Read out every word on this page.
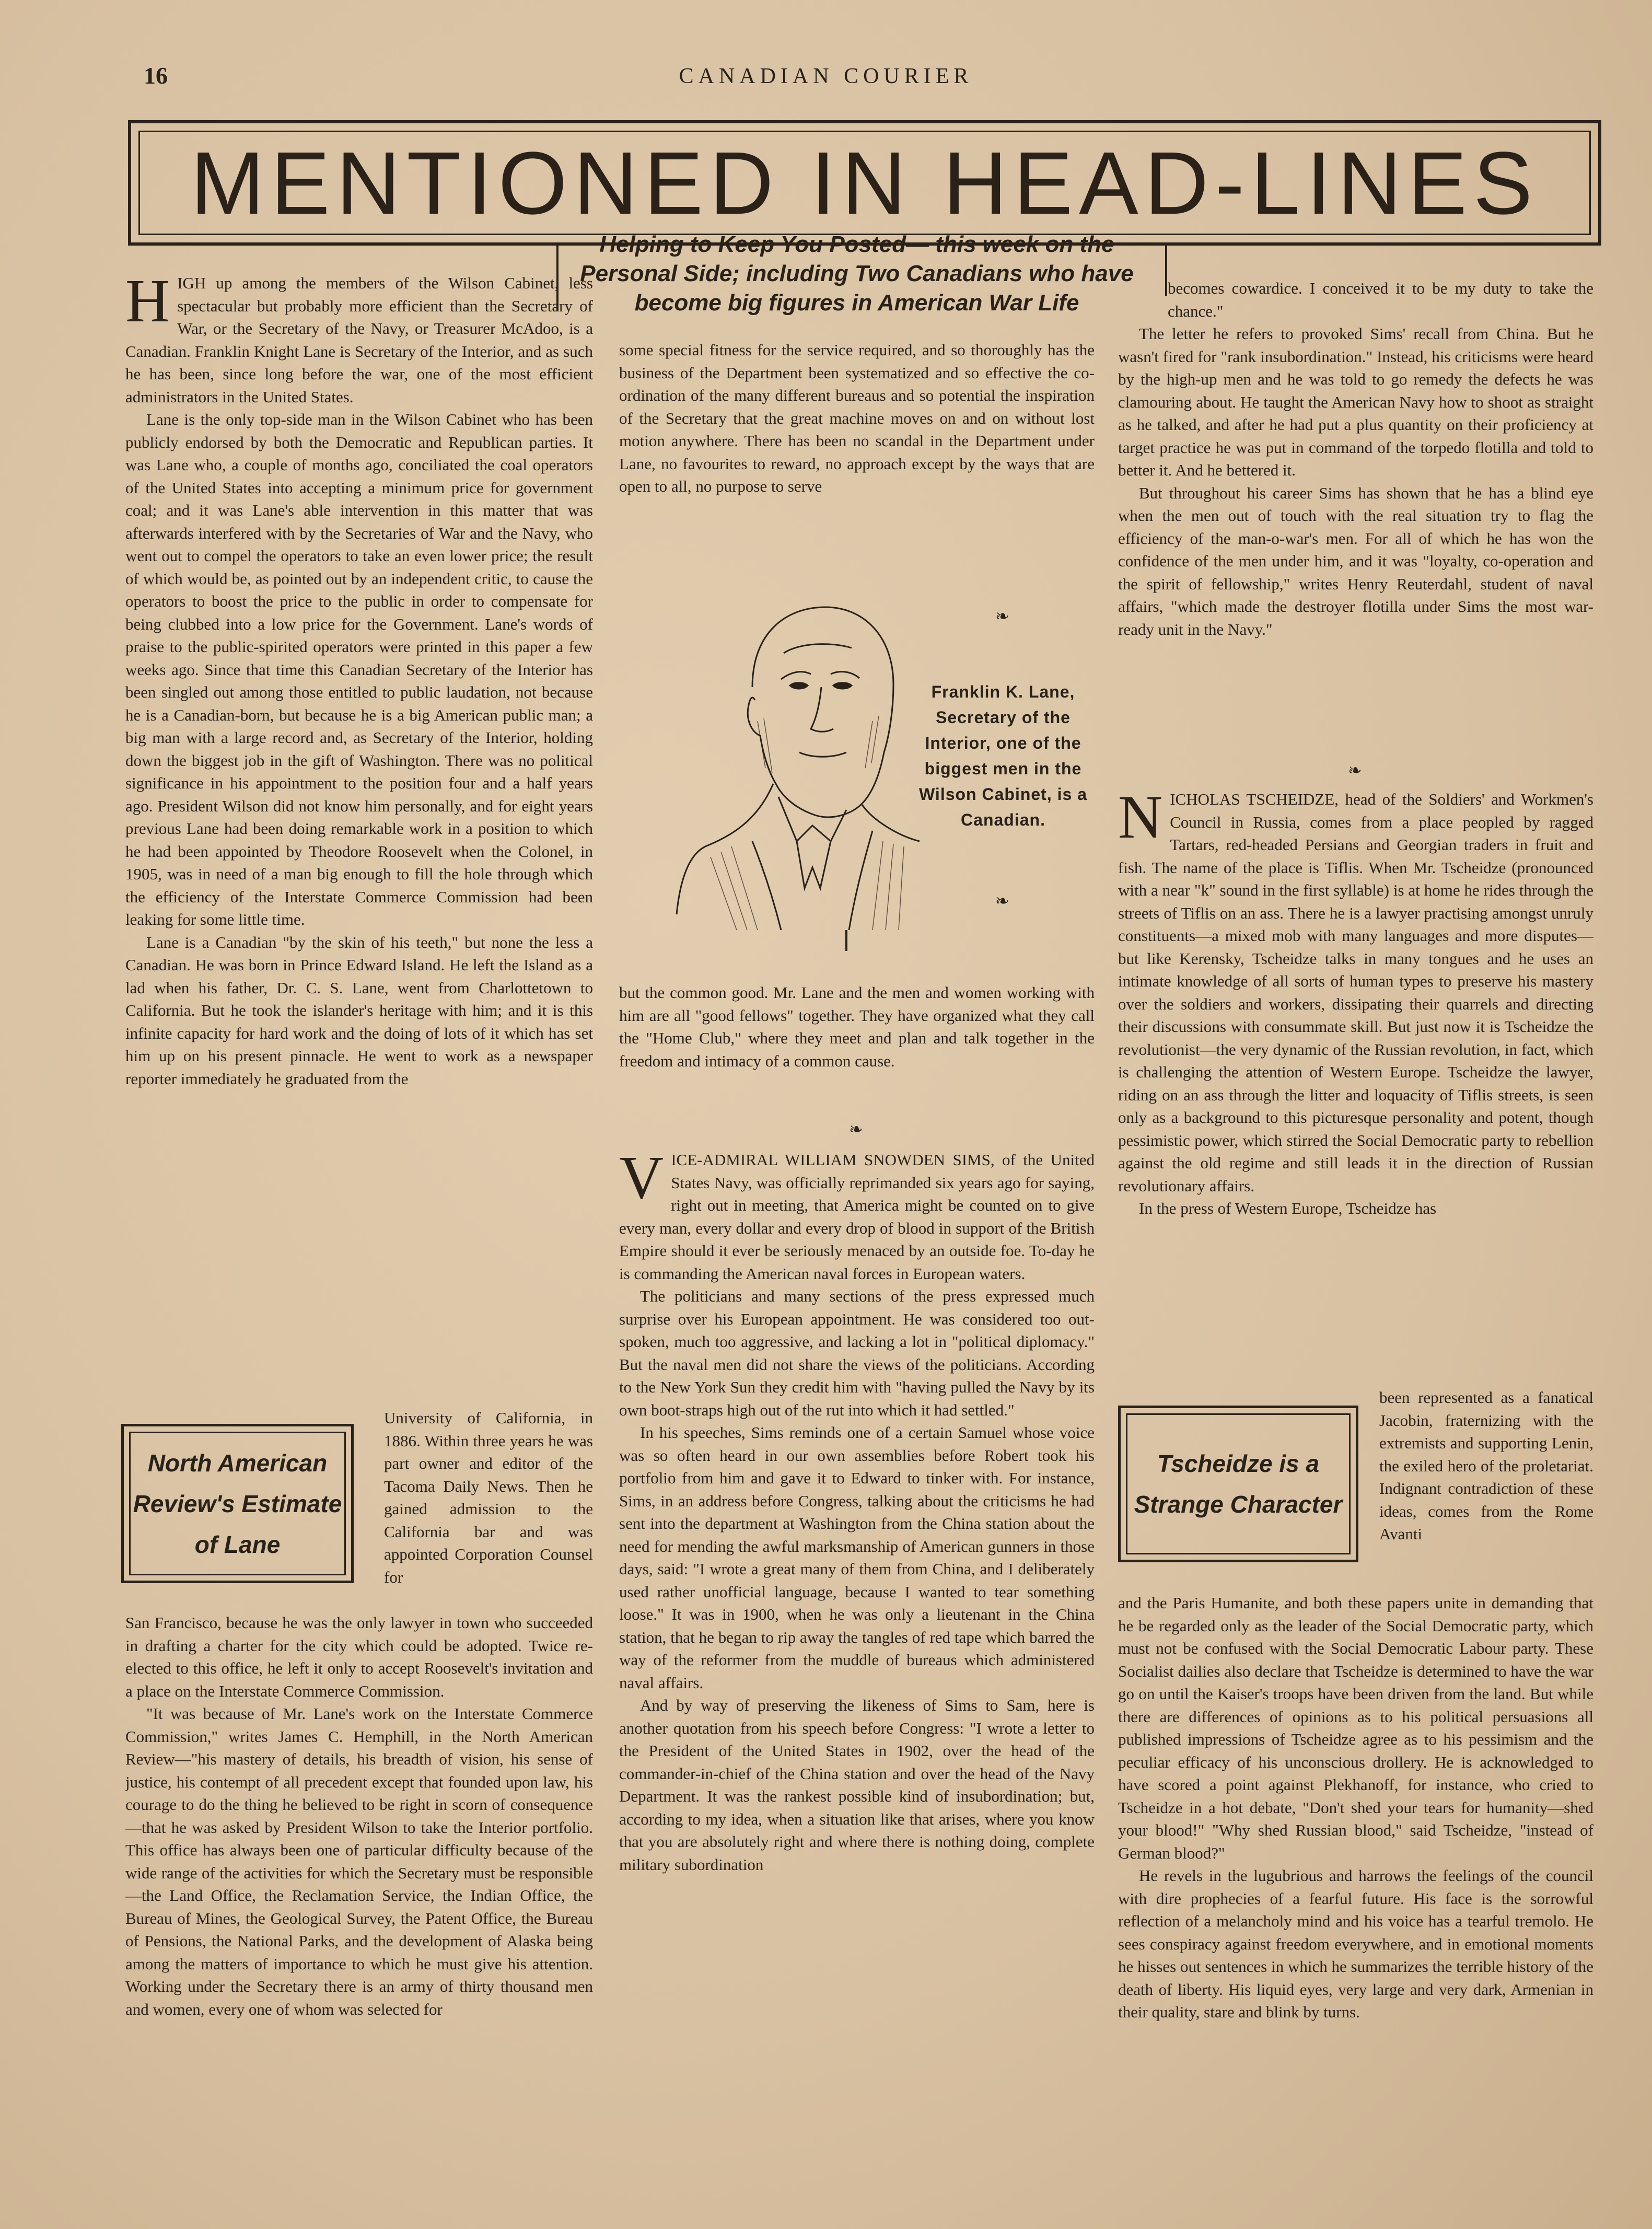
16	CANADIAN COURIER
MENTIONED IN HEAD-LINES
Helping to Keep You Posted— this week on the
Personal Side; including Two Canadians who have
become big figures in American War Life

HIGH up among the members of the Wilson Cabinet, less spectacular but probably more efficient than the Secretary of War, or the Secretary of the Navy, or Treasurer McAdoo, is a Canadian. Franklin Knight Lane is Secretary of the Interior, and as such he has been, since long before the war, one of the most efficient administrators in the United States.

Lane is the only top-side man in the Wilson Cabinet who has been publicly endorsed by both the Democratic and Republican parties. It was Lane who, a couple of months ago, conciliated the coal operators of the United States into accepting a minimum price for government coal; and it was Lane's able intervention in this matter that was afterwards interfered with by the Secretaries of War and the Navy, who went out to compel the operators to take an even lower price; the result of which would be, as pointed out by an independent critic, to cause the operators to boost the price to the public in order to compensate for being clubbed into a low price for the Government. Lane's words of praise to the public-spirited operators were printed in this paper a few weeks ago. Since that time this Canadian Secretary of the Interior has been singled out among those entitled to public laudation, not because he is a Canadian-born, but because he is a big American public man; a big man with a large record and, as Secretary of the Interior, holding down the biggest job in the gift of Washington. There was no political significance in his appointment to the position four and a half years ago. President Wilson did not know him personally, and for eight years previous Lane had been doing remarkable work in a position to which he had been appointed by Theodore Roosevelt when the Colonel, in 1905, was in need of a man big enough to fill the hole through which the efficiency of the Interstate Commerce Commission had been leaking for some little time.

Lane is a Canadian "by the skin of his teeth," but none the less a Canadian. He was born in Prince Edward Island. He left the Island as a lad when his father, Dr. C. S. Lane, went from Charlottetown to California. But he took the islander's heritage with him; and it is this infinite capacity for hard work and the doing of lots of it which has set him up on his present pinnacle. He went to work as a newspaper reporter immediately he graduated from the

North American
Review's Estimate
of Lane

University of California, in 1886. Within three years he was part owner and editor of the Tacoma Daily News. Then he gained admission to the California bar and was appointed Corporation Counsel for

San Francisco, because he was the only lawyer in town who succeeded in drafting a charter for the city which could be adopted. Twice re-elected to this office, he left it only to accept Roosevelt's invitation and a place on the Interstate Commerce Commission.

"It was because of Mr. Lane's work on the Interstate Commerce Commission," writes James C. Hemphill, in the North American Review—"his mastery of details, his breadth of vision, his sense of justice, his contempt of all precedent except that founded upon law, his courage to do the thing he believed to be right in scorn of consequence—that he was asked by President Wilson to take the Interior portfolio. This office has always been one of particular difficulty because of the wide range of the activities for which the Secretary must be responsible—the Land Office, the Reclamation Service, the Indian Office, the Bureau of Mines, the Geological Survey, the Patent Office, the Bureau of Pensions, the National Parks, and the development of Alaska being among the matters of importance to which he must give his attention. Working under the Secretary there is an army of thirty thousand men and women, every one of whom was selected for

some special fitness for the service required, and so thoroughly has the business of the Department been systematized and so effective the co-ordination of the many different bureaus and so potential the inspiration of the Secretary that the great machine moves on and on without lost motion anywhere. There has been no scandal in the Department under Lane, no favourites to reward, no approach except by the ways that are open to all, no purpose to serve

❧
❧
Franklin K. Lane, Secretary of the Interior, one of the biggest men in the Wilson Cabinet, is a Canadian.

but the common good. Mr. Lane and the men and women working with him are all "good fellows" together. They have organized what they call the "Home Club," where they meet and plan and talk together in the freedom and intimacy of a common cause.

❧

VICE-ADMIRAL WILLIAM SNOWDEN SIMS, of the United States Navy, was officially reprimanded six years ago for saying, right out in meeting, that America might be counted on to give every man, every dollar and every drop of blood in support of the British Empire should it ever be seriously menaced by an outside foe. To-day he is commanding the American naval forces in European waters.

The politicians and many sections of the press expressed much surprise over his European appointment. He was considered too out-spoken, much too aggressive, and lacking a lot in "political diplomacy." But the naval men did not share the views of the politicians. According to the New York Sun they credit him with "having pulled the Navy by its own boot-straps high out of the rut into which it had settled."

In his speeches, Sims reminds one of a certain Samuel whose voice was so often heard in our own assemblies before Robert took his portfolio from him and gave it to Edward to tinker with. For instance, Sims, in an address before Congress, talking about the criticisms he had sent into the department at Washington from the China station about the need for mending the awful marksmanship of American gunners in those days, said: "I wrote a great many of them from China, and I deliberately used rather unofficial language, because I wanted to tear something loose." It was in 1900, when he was only a lieutenant in the China station, that he began to rip away the tangles of red tape which barred the way of the reformer from the muddle of bureaus which administered naval affairs.

And by way of preserving the likeness of Sims to Sam, here is another quotation from his speech before Congress: "I wrote a letter to the President of the United States in 1902, over the head of the commander-in-chief of the China station and over the head of the Navy Department. It was the rankest possible kind of insubordination; but, according to my idea, when a situation like that arises, where you know that you are absolutely right and where there is nothing doing, complete military subordination

becomes cowardice. I conceived it to be my duty to take the chance."

The letter he refers to provoked Sims' recall from China. But he wasn't fired for "rank insubordination." Instead, his criticisms were heard by the high-up men and he was told to go remedy the defects he was clamouring about. He taught the American Navy how to shoot as straight as he talked, and after he had put a plus quantity on their proficiency at target practice he was put in command of the torpedo flotilla and told to better it. And he bettered it.

But throughout his career Sims has shown that he has a blind eye when the men out of touch with the real situation try to flag the efficiency of the man-o-war's men. For all of which he has won the confidence of the men under him, and it was "loyalty, co-operation and the spirit of fellowship," writes Henry Reuterdahl, student of naval affairs, "which made the destroyer flotilla under Sims the most war-ready unit in the Navy."

❧

NICHOLAS TSCHEIDZE, head of the Soldiers' and Workmen's Council in Russia, comes from a place peopled by ragged Tartars, red-headed Persians and Georgian traders in fruit and fish. The name of the place is Tiflis. When Mr. Tscheidze (pronounced with a near "k" sound in the first syllable) is at home he rides through the streets of Tiflis on an ass. There he is a lawyer practising amongst unruly constituents—a mixed mob with many languages and more disputes—but like Kerensky, Tscheidze talks in many tongues and he uses an intimate knowledge of all sorts of human types to preserve his mastery over the soldiers and workers, dissipating their quarrels and directing their discussions with consummate skill. But just now it is Tscheidze the revolutionist—the very dynamic of the Russian revolution, in fact, which is challenging the attention of Western Europe. Tscheidze the lawyer, riding on an ass through the litter and loquacity of Tiflis streets, is seen only as a background to this picturesque personality and potent, though pessimistic power, which stirred the Social Democratic party to rebellion against the old regime and still leads it in the direction of Russian revolutionary affairs.

In the press of Western Europe, Tscheidze has

Tscheidze is a
Strange Character

been represented as a fanatical Jacobin, fraternizing with the extremists and supporting Lenin, the exiled hero of the proletariat. Indignant contradiction of these ideas, comes from the Rome Avanti

and the Paris Humanite, and both these papers unite in demanding that he be regarded only as the leader of the Social Democratic party, which must not be confused with the Social Democratic Labour party. These Socialist dailies also declare that Tscheidze is determined to have the war go on until the Kaiser's troops have been driven from the land. But while there are differences of opinions as to his political persuasions all published impressions of Tscheidze agree as to his pessimism and the peculiar efficacy of his unconscious drollery. He is acknowledged to have scored a point against Plekhanoff, for instance, who cried to Tscheidze in a hot debate, "Don't shed your tears for humanity—shed your blood!" "Why shed Russian blood," said Tscheidze, "instead of German blood?"

He revels in the lugubrious and harrows the feelings of the council with dire prophecies of a fearful future. His face is the sorrowful reflection of a melancholy mind and his voice has a tearful tremolo. He sees conspiracy against freedom everywhere, and in emotional moments he hisses out sentences in which he summarizes the terrible history of the death of liberty. His liquid eyes, very large and very dark, Armenian in their quality, stare and blink by turns.
